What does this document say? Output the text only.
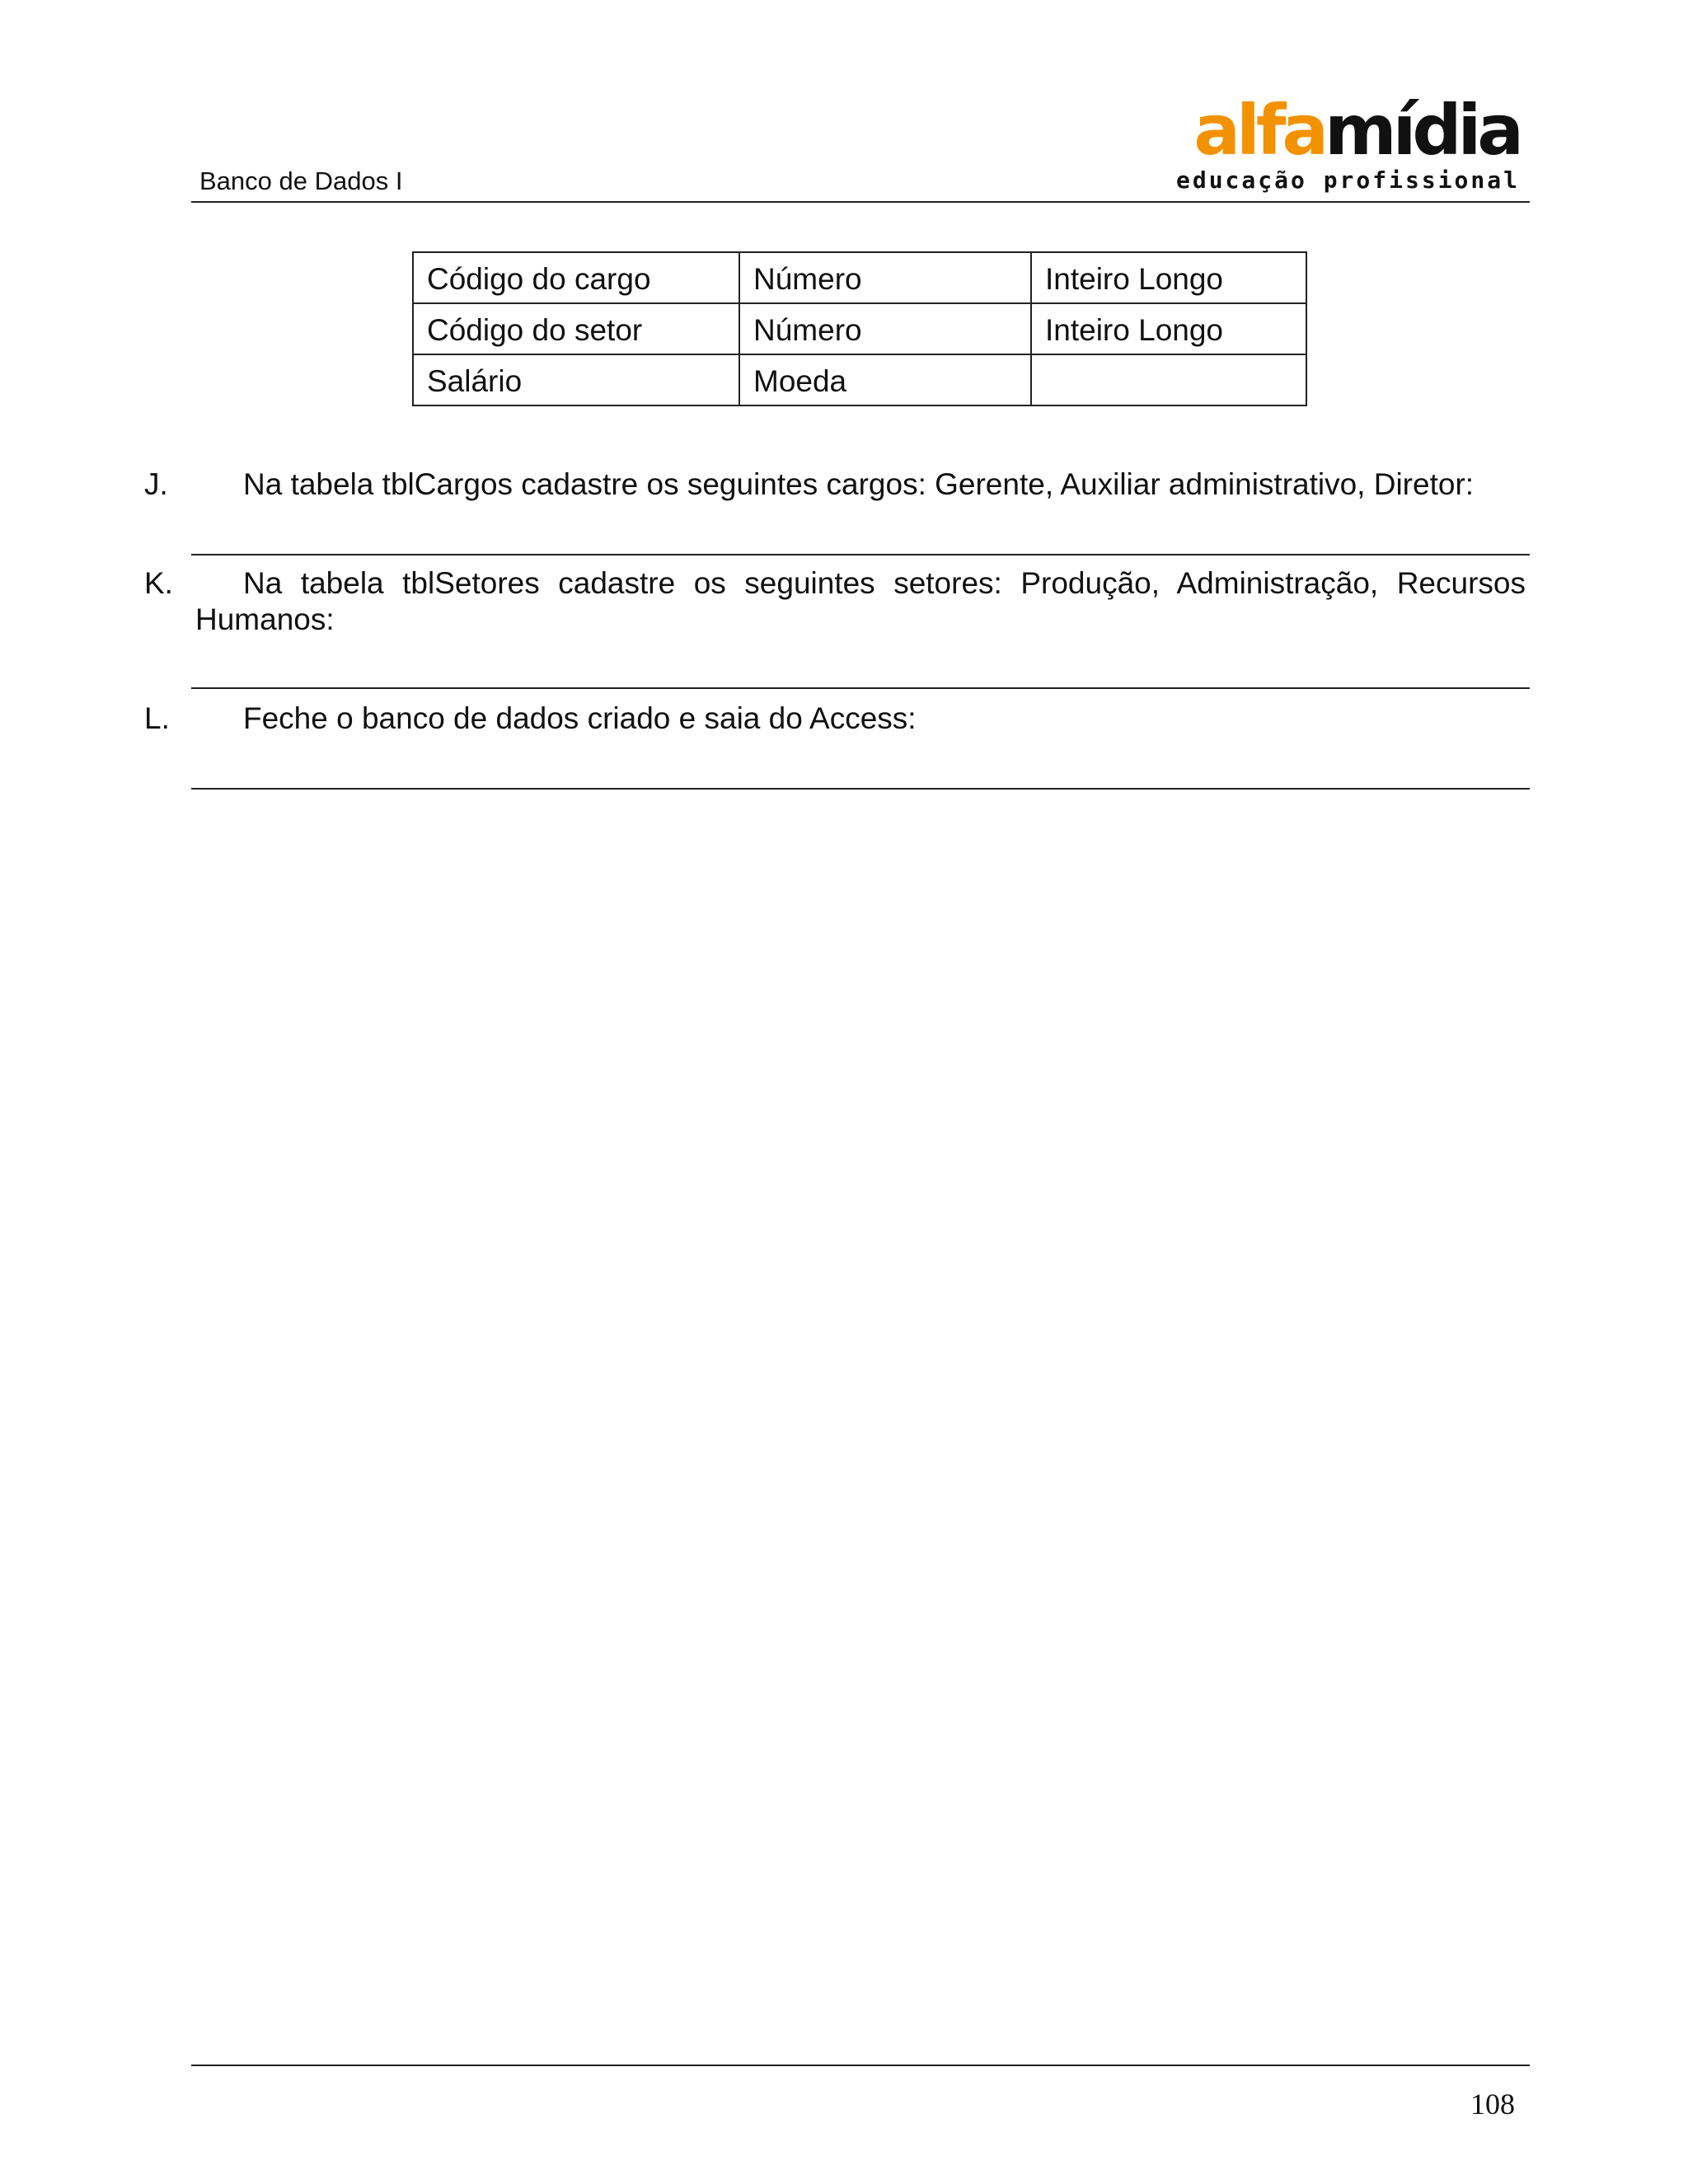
Banco de Dados I
alfamídia
educação profissional
Código do cargo	Número	Inteiro Longo
Código do setor	Número	Inteiro Longo
Salário	Moeda	
J. Na tabela tblCargos cadastre os seguintes cargos: Gerente, Auxiliar administrativo, Diretor:
K.	Na tabela tblSetores cadastre os seguintes setores: Produção, Administração, Recursos Humanos:
L. Feche o banco de dados criado e saia do Access:
108
